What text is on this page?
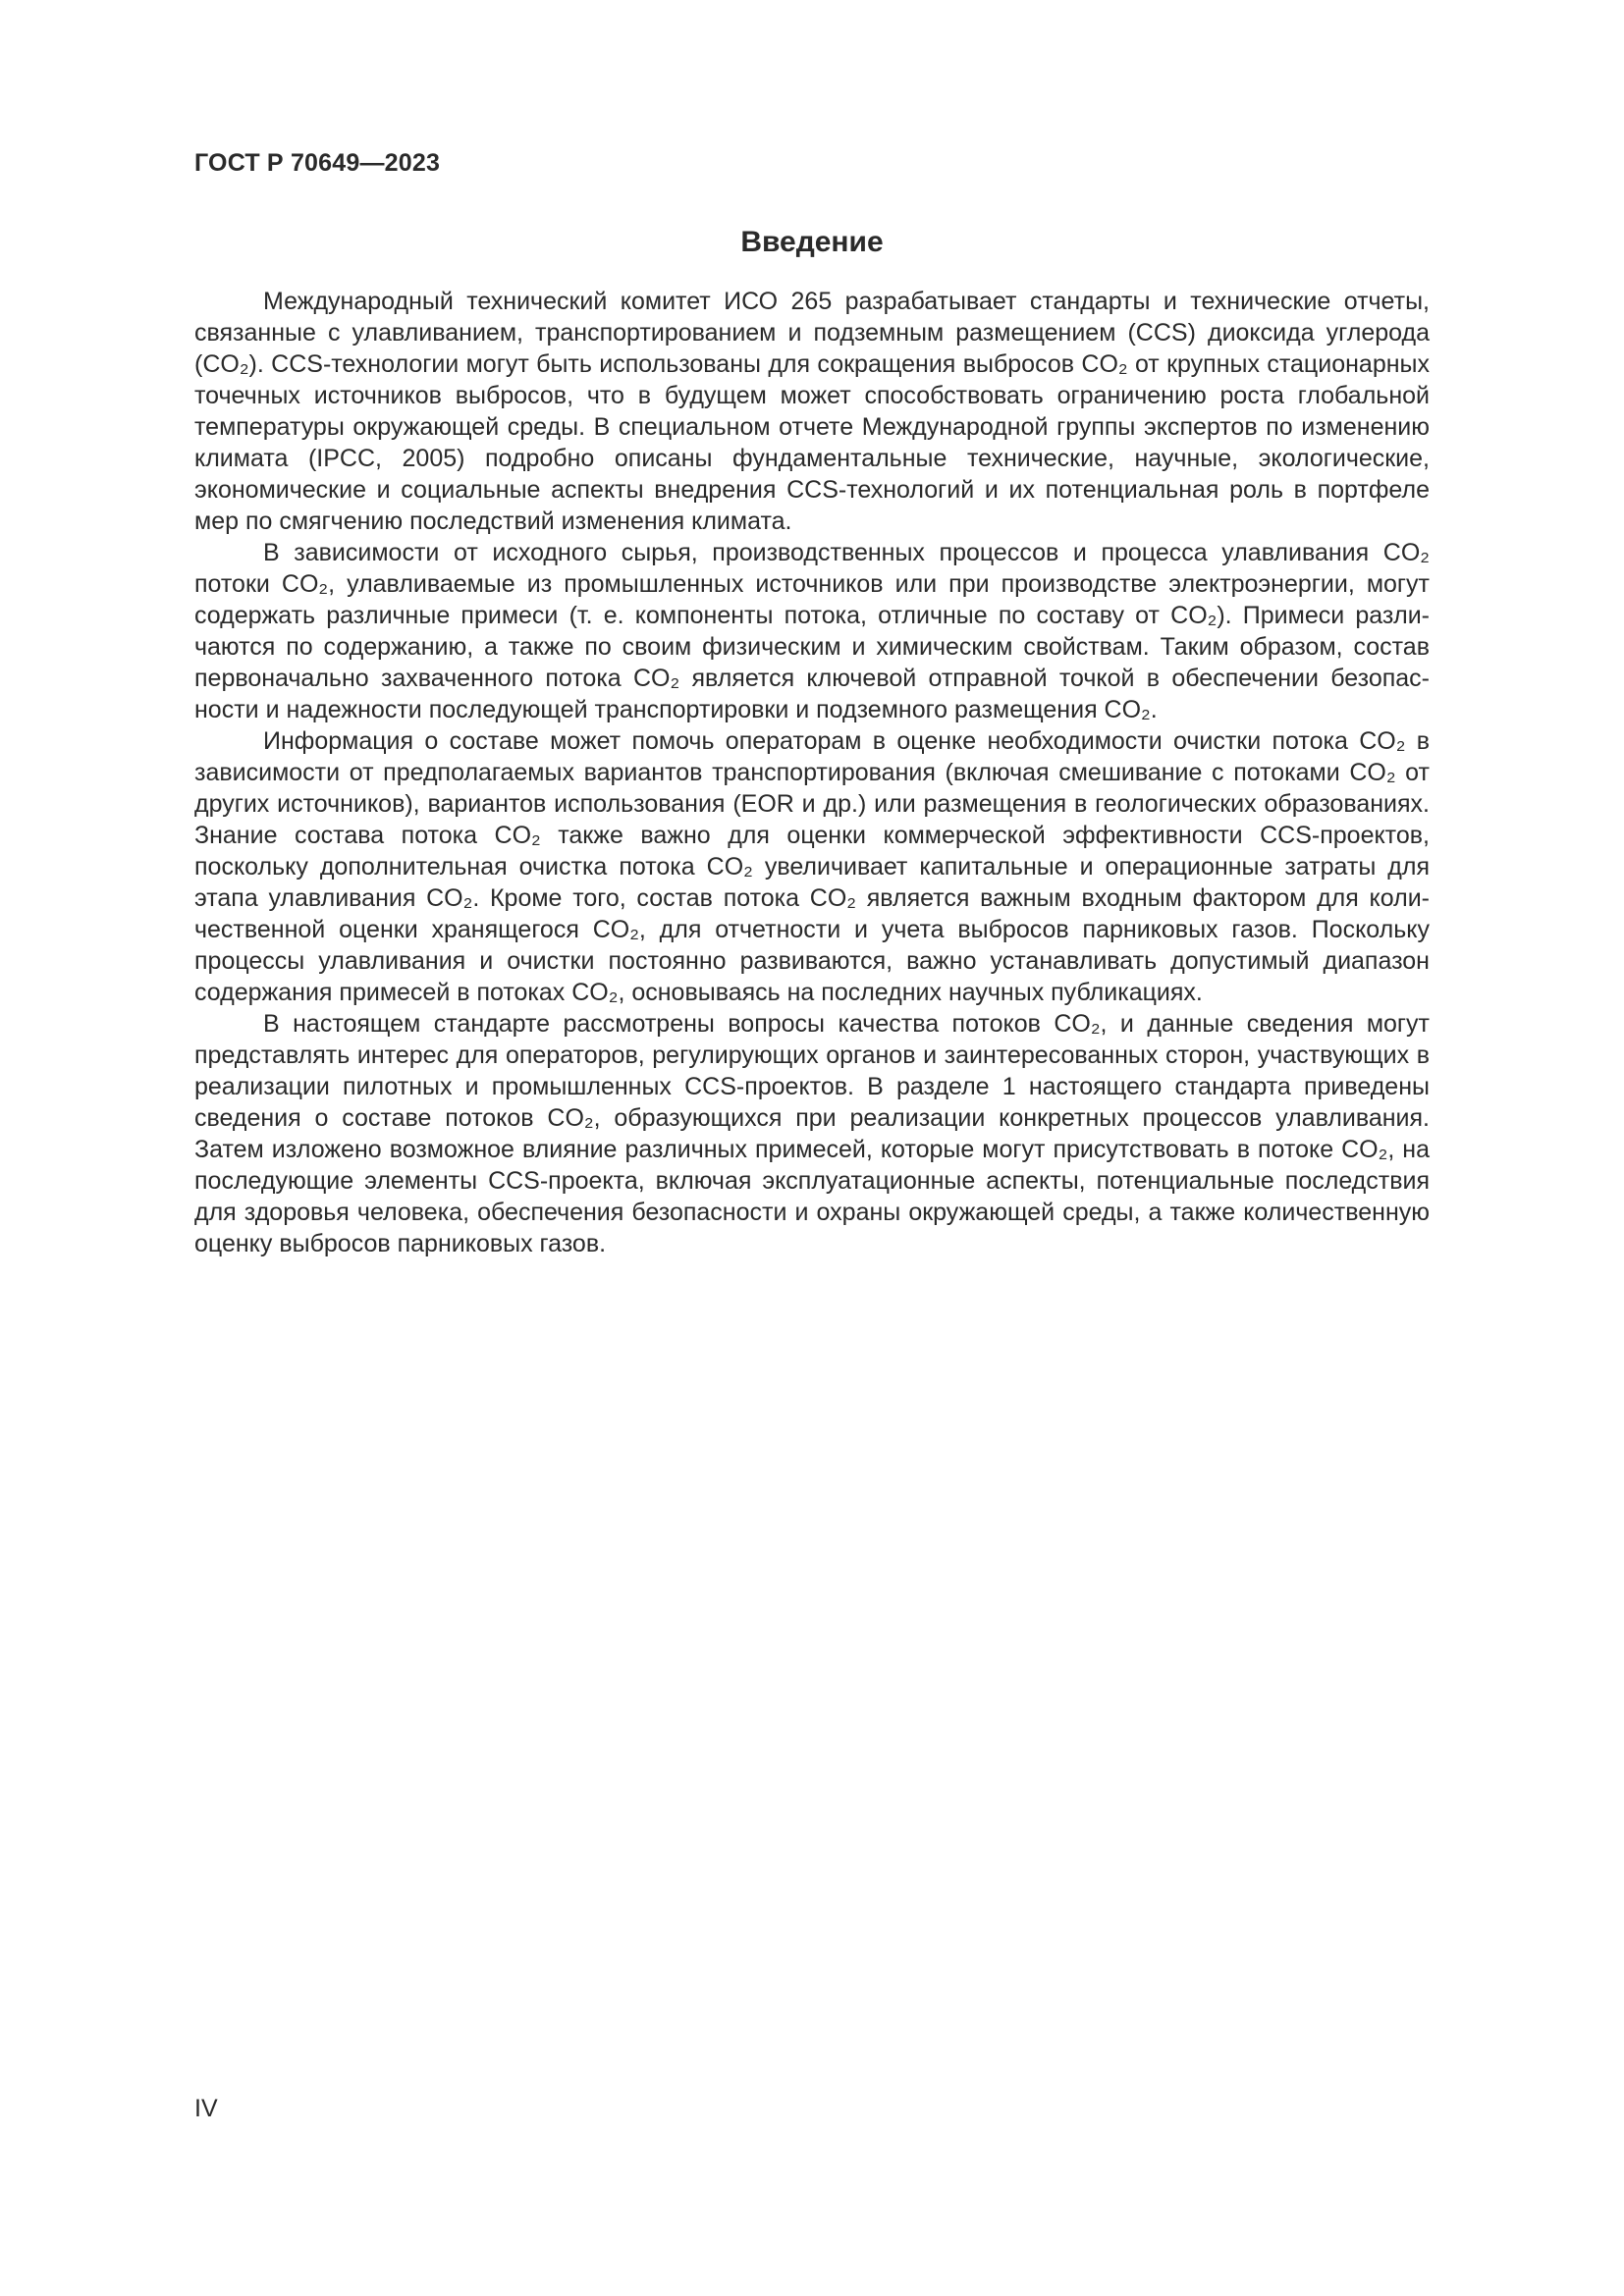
ГОСТ Р 70649—2023

Введение

Международный технический комитет ИСО 265 разрабатывает стандарты и технические отчеты, связанные с улавливанием, транспортированием и подземным размещением (CCS) диоксида углерода (CO₂). CCS-технологии могут быть использованы для сокращения выбросов CO₂ от крупных стационарных точечных источников выбросов, что в будущем может способствовать ограничению роста глобальной температуры окружающей среды. В специальном отчете Международной группы экспертов по изменению климата (IPCC, 2005) подробно описаны фундаментальные технические, научные, экологические, экономические и социальные аспекты внедрения CCS-технологий и их потенциальная роль в портфеле мер по смягчению последствий изменения климата.

В зависимости от исходного сырья, производственных процессов и процесса улавливания CO₂ потоки CO₂, улавливаемые из промышленных источников или при производстве электроэнергии, могут содержать различные примеси (т. е. компоненты потока, отличные по составу от CO₂). Примеси различаются по содержанию, а также по своим физическим и химическим свойствам. Таким образом, состав первоначально захваченного потока CO₂ является ключевой отправной точкой в обеспечении безопасности и надежности последующей транспортировки и подземного размещения CO₂.

Информация о составе может помочь операторам в оценке необходимости очистки потока CO₂ в зависимости от предполагаемых вариантов транспортирования (включая смешивание с потоками CO₂ от других источников), вариантов использования (EOR и др.) или размещения в геологических образованиях. Знание состава потока CO₂ также важно для оценки коммерческой эффективности CCS-проектов, поскольку дополнительная очистка потока CO₂ увеличивает капитальные и операционные затраты для этапа улавливания CO₂. Кроме того, состав потока CO₂ является важным входным фактором для количественной оценки хранящегося CO₂, для отчетности и учета выбросов парниковых газов. Поскольку процессы улавливания и очистки постоянно развиваются, важно устанавливать допустимый диапазон содержания примесей в потоках CO₂, основываясь на последних научных публикациях.

В настоящем стандарте рассмотрены вопросы качества потоков CO₂, и данные сведения могут представлять интерес для операторов, регулирующих органов и заинтересованных сторон, участвующих в реализации пилотных и промышленных CCS-проектов. В разделе 1 настоящего стандарта приведены сведения о составе потоков CO₂, образующихся при реализации конкретных процессов улавливания. Затем изложено возможное влияние различных примесей, которые могут присутствовать в потоке CO₂, на последующие элементы CCS-проекта, включая эксплуатационные аспекты, потенциальные последствия для здоровья человека, обеспечения безопасности и охраны окружающей среды, а также количественную оценку выбросов парниковых газов.

IV
